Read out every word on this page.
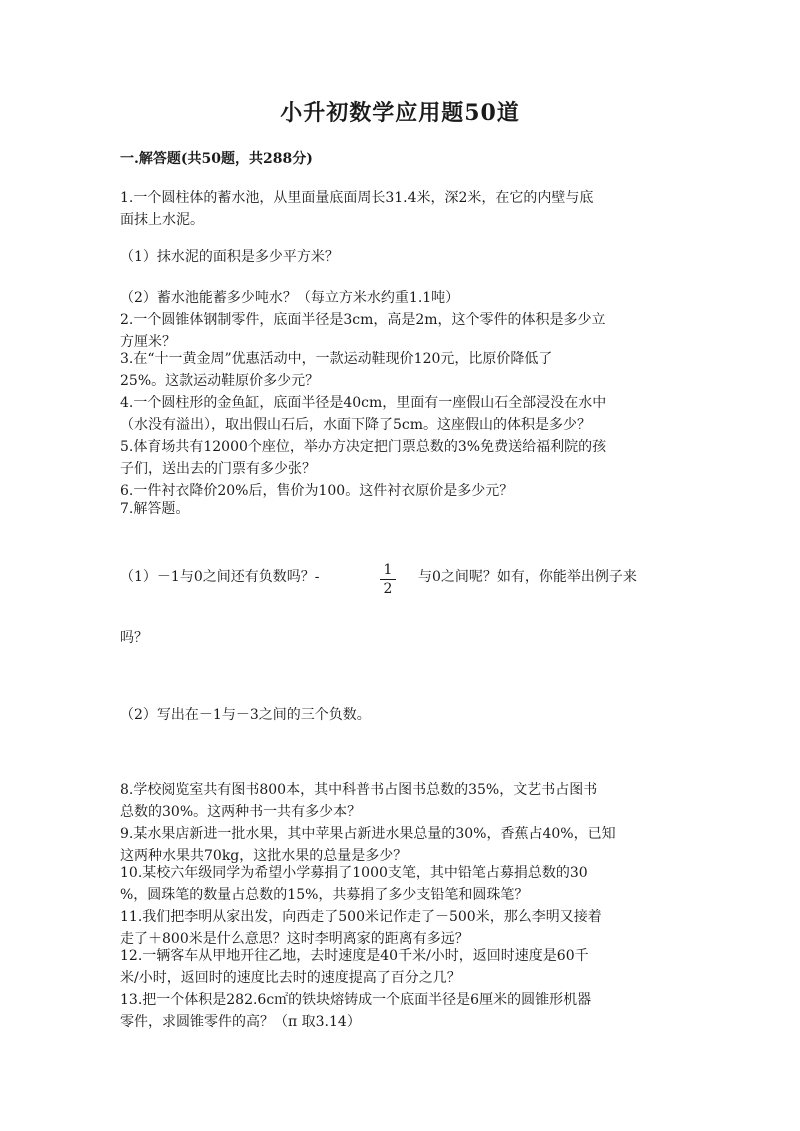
小升初数学应用题50道
一.解答题(共50题，共288分)
1.一个圆柱体的蓄水池，从里面量底面周长31.4米，深2米，在它的内壁与底
面抹上水泥。
（1）抹水泥的面积是多少平方米？
（2）蓄水池能蓄多少吨水？（每立方米水约重1.1吨）
2.一个圆锥体钢制零件，底面半径是3cm，高是2m，这个零件的体积是多少立
方厘米？
3.在“十一黄金周”优惠活动中，一款运动鞋现价120元，比原价降低了
25%。这款运动鞋原价多少元？
4.一个圆柱形的金鱼缸，底面半径是40cm，里面有一座假山石全部浸没在水中
（水没有溢出），取出假山石后，水面下降了5cm。这座假山的体积是多少？
5.体育场共有12000个座位，举办方决定把门票总数的3%免费送给福利院的孩
子们，送出去的门票有多少张？
6.一件衬衣降价20%后，售价为100。这件衬衣原价是多少元？
7.解答题。
（1）－1与0之间还有负数吗？-	1
2
与0之间呢？如有，你能举出例子来
吗？
（2）写出在－1与－3之间的三个负数。
8.学校阅览室共有图书800本，其中科普书占图书总数的35%，文艺书占图书
总数的30%。这两种书一共有多少本？
9.某水果店新进一批水果，其中苹果占新进水果总量的30%，香蕉占40%，已知
这两种水果共70kg，这批水果的总量是多少？
10.某校六年级同学为希望小学募捐了1000支笔，其中铅笔占募捐总数的30
%，圆珠笔的数量占总数的15%，共募捐了多少支铅笔和圆珠笔？
11.我们把李明从家出发，向西走了500米记作走了－500米，那么李明又接着
走了＋800米是什么意思？这时李明离家的距离有多远？
12.一辆客车从甲地开往乙地，去时速度是40千米/小时，返回时速度是60千
米/小时，返回时的速度比去时的速度提高了百分之几？
13.把一个体积是282.6c㎡的铁块熔铸成一个底面半径是6厘米的圆锥形机器
零件，求圆锥零件的高？（π 取3.14）
